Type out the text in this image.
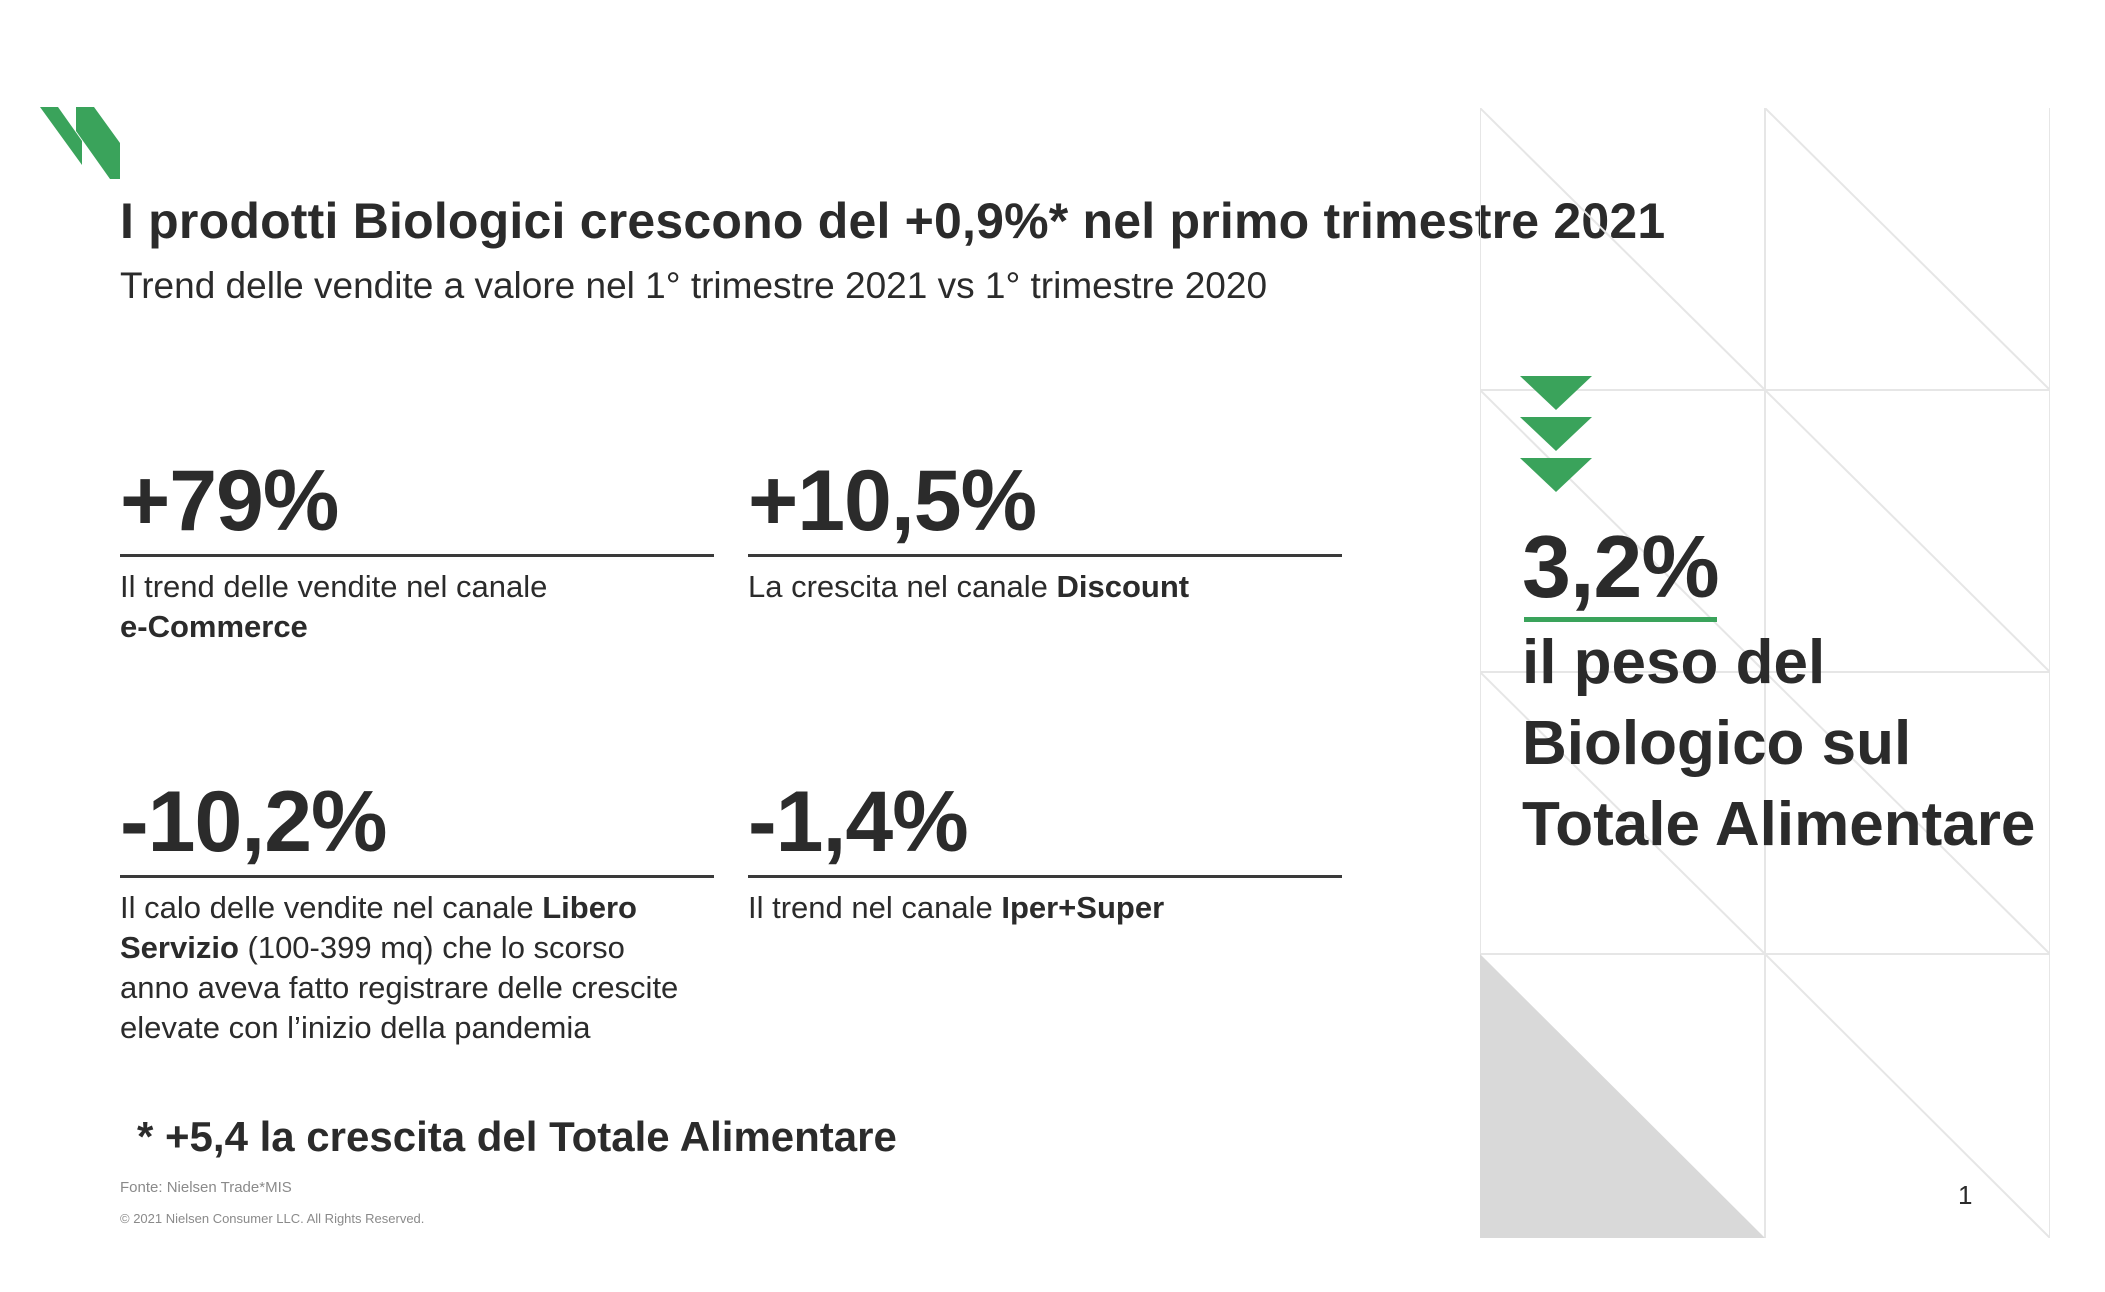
I prodotti Biologici crescono del +0,9%* nel primo trimestre 2021
Trend delle vendite a valore nel 1° trimestre 2021 vs 1° trimestre 2020
3,2%
il peso del Biologico sul Totale Alimentare
+79%
Il trend delle vendite nel canale
e-Commerce
+10,5%
La crescita nel canale Discount
-10,2%
Il calo delle vendite nel canale Libero Servizio (100-399 mq) che lo scorso anno aveva fatto registrare delle crescite elevate con l’inizio della pandemia
-1,4%
Il trend nel canale Iper+Super
* +5,4 la crescita del Totale Alimentare
Fonte: Nielsen Trade*MIS
© 2021 Nielsen Consumer LLC. All Rights Reserved.
1
